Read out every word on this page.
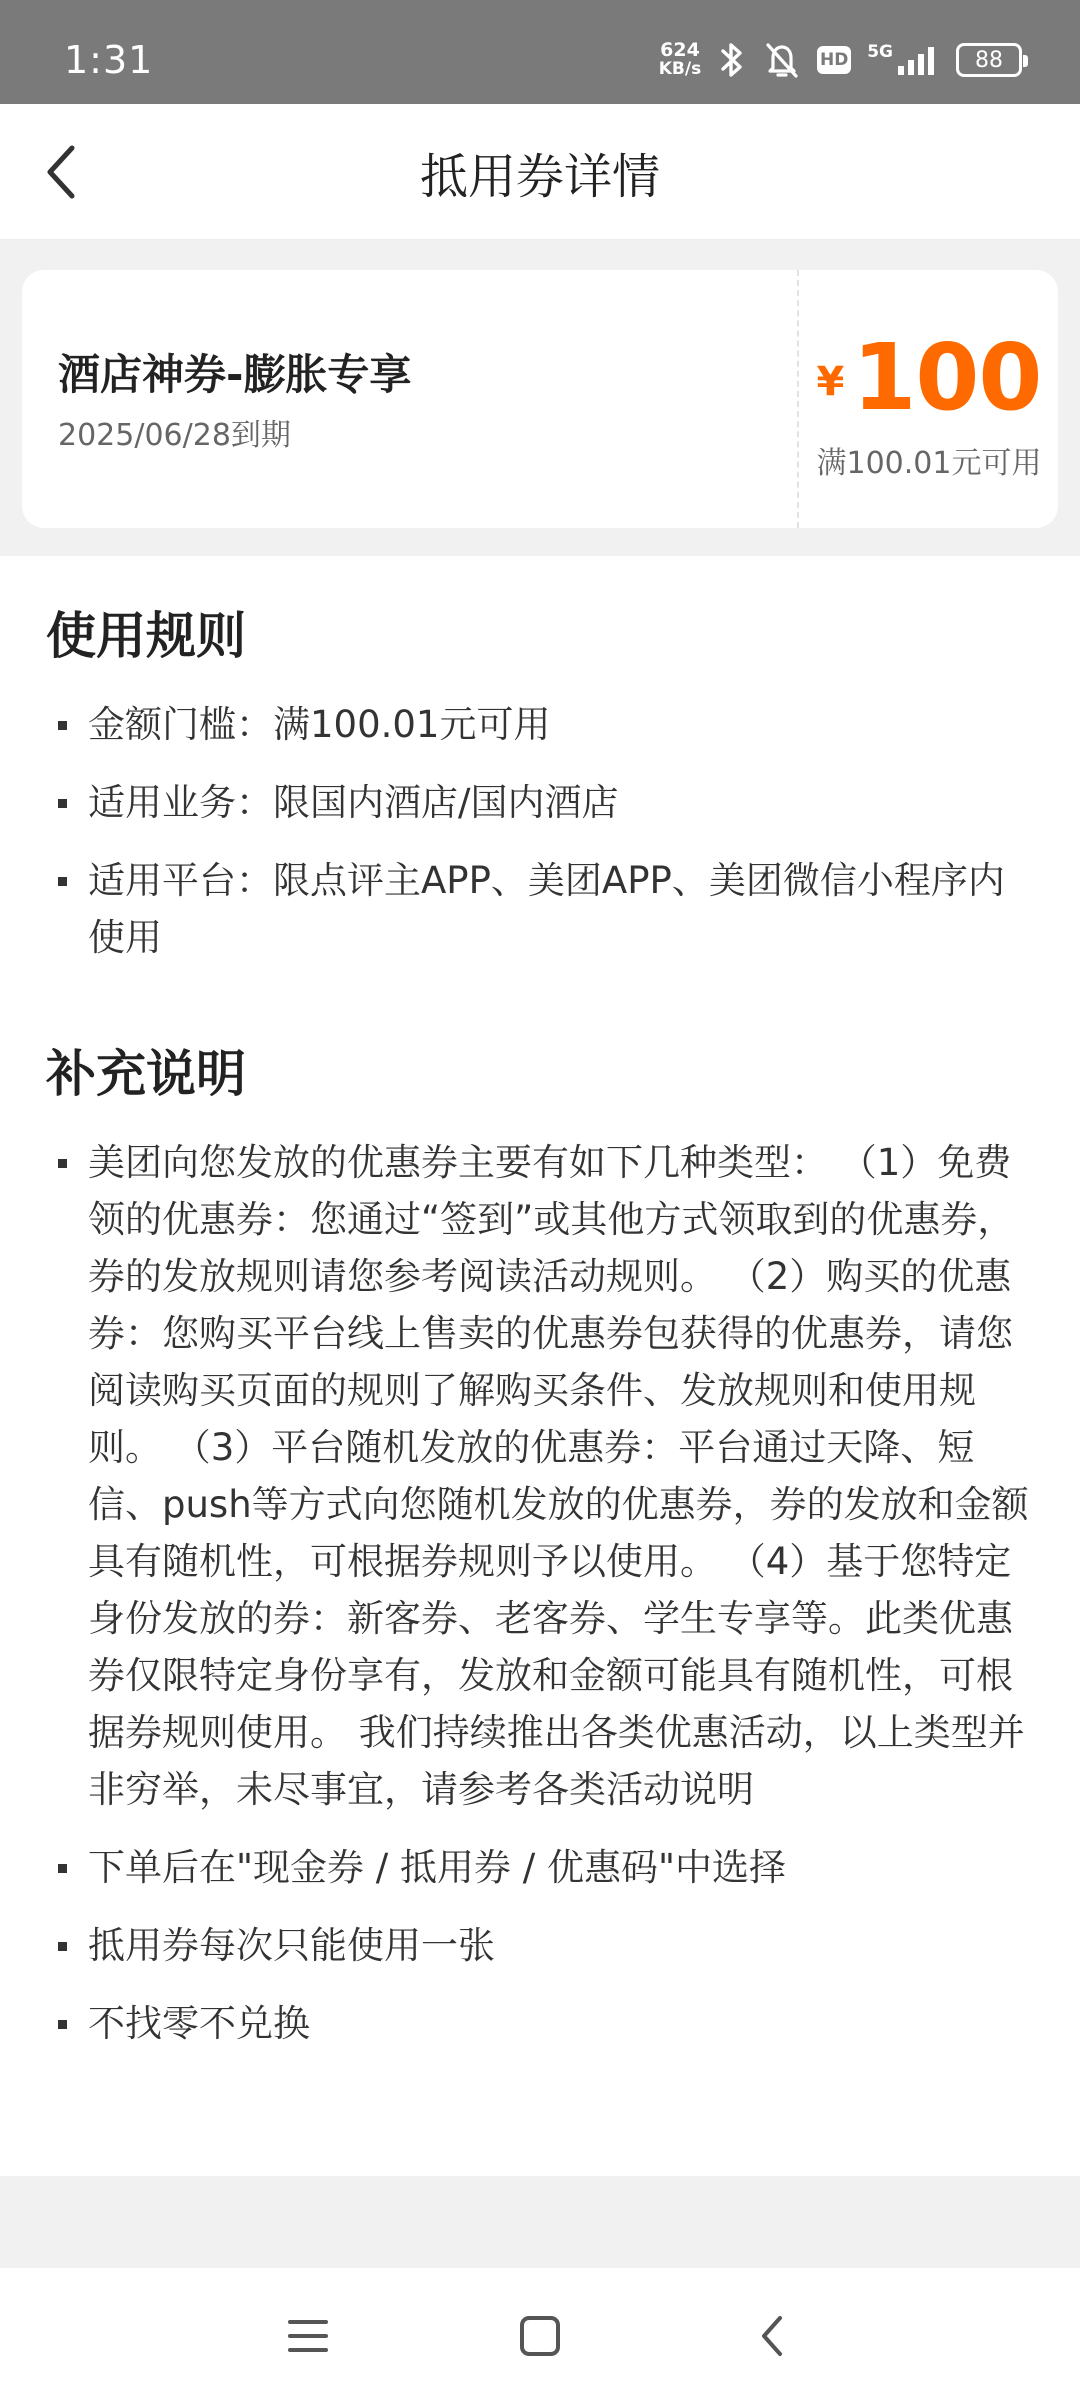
1:31	624
KB/s	HD 5G	88
抵用券详情
酒店神券-膨胀专享
2025/06/28到期
¥100
满100.01元可用
使用规则
金额门槛：满100.01元可用
适用业务：限国内酒店/国内酒店
适用平台：限点评主APP、美团APP、美团微信小程序内使用
补充说明
美团向您发放的优惠券主要有如下几种类型： （1）免费领的优惠券：您通过“签到”或其他方式领取到的优惠券，券的发放规则请您参考阅读活动规则。 （2）购买的优惠券：您购买平台线上售卖的优惠券包获得的优惠券，请您阅读购买页面的规则了解购买条件、发放规则和使用规则。 （3）平台随机发放的优惠券：平台通过天降、短信、push等方式向您随机发放的优惠券，券的发放和金额具有随机性，可根据券规则予以使用。 （4）基于您特定身份发放的券：新客券、老客券、学生专享等。此类优惠券仅限特定身份享有，发放和金额可能具有随机性，可根据券规则使用。 我们持续推出各类优惠活动，以上类型并非穷举，未尽事宜，请参考各类活动说明
下单后在"现金券 / 抵用券 / 优惠码"中选择
抵用券每次只能使用一张
不找零不兑换
